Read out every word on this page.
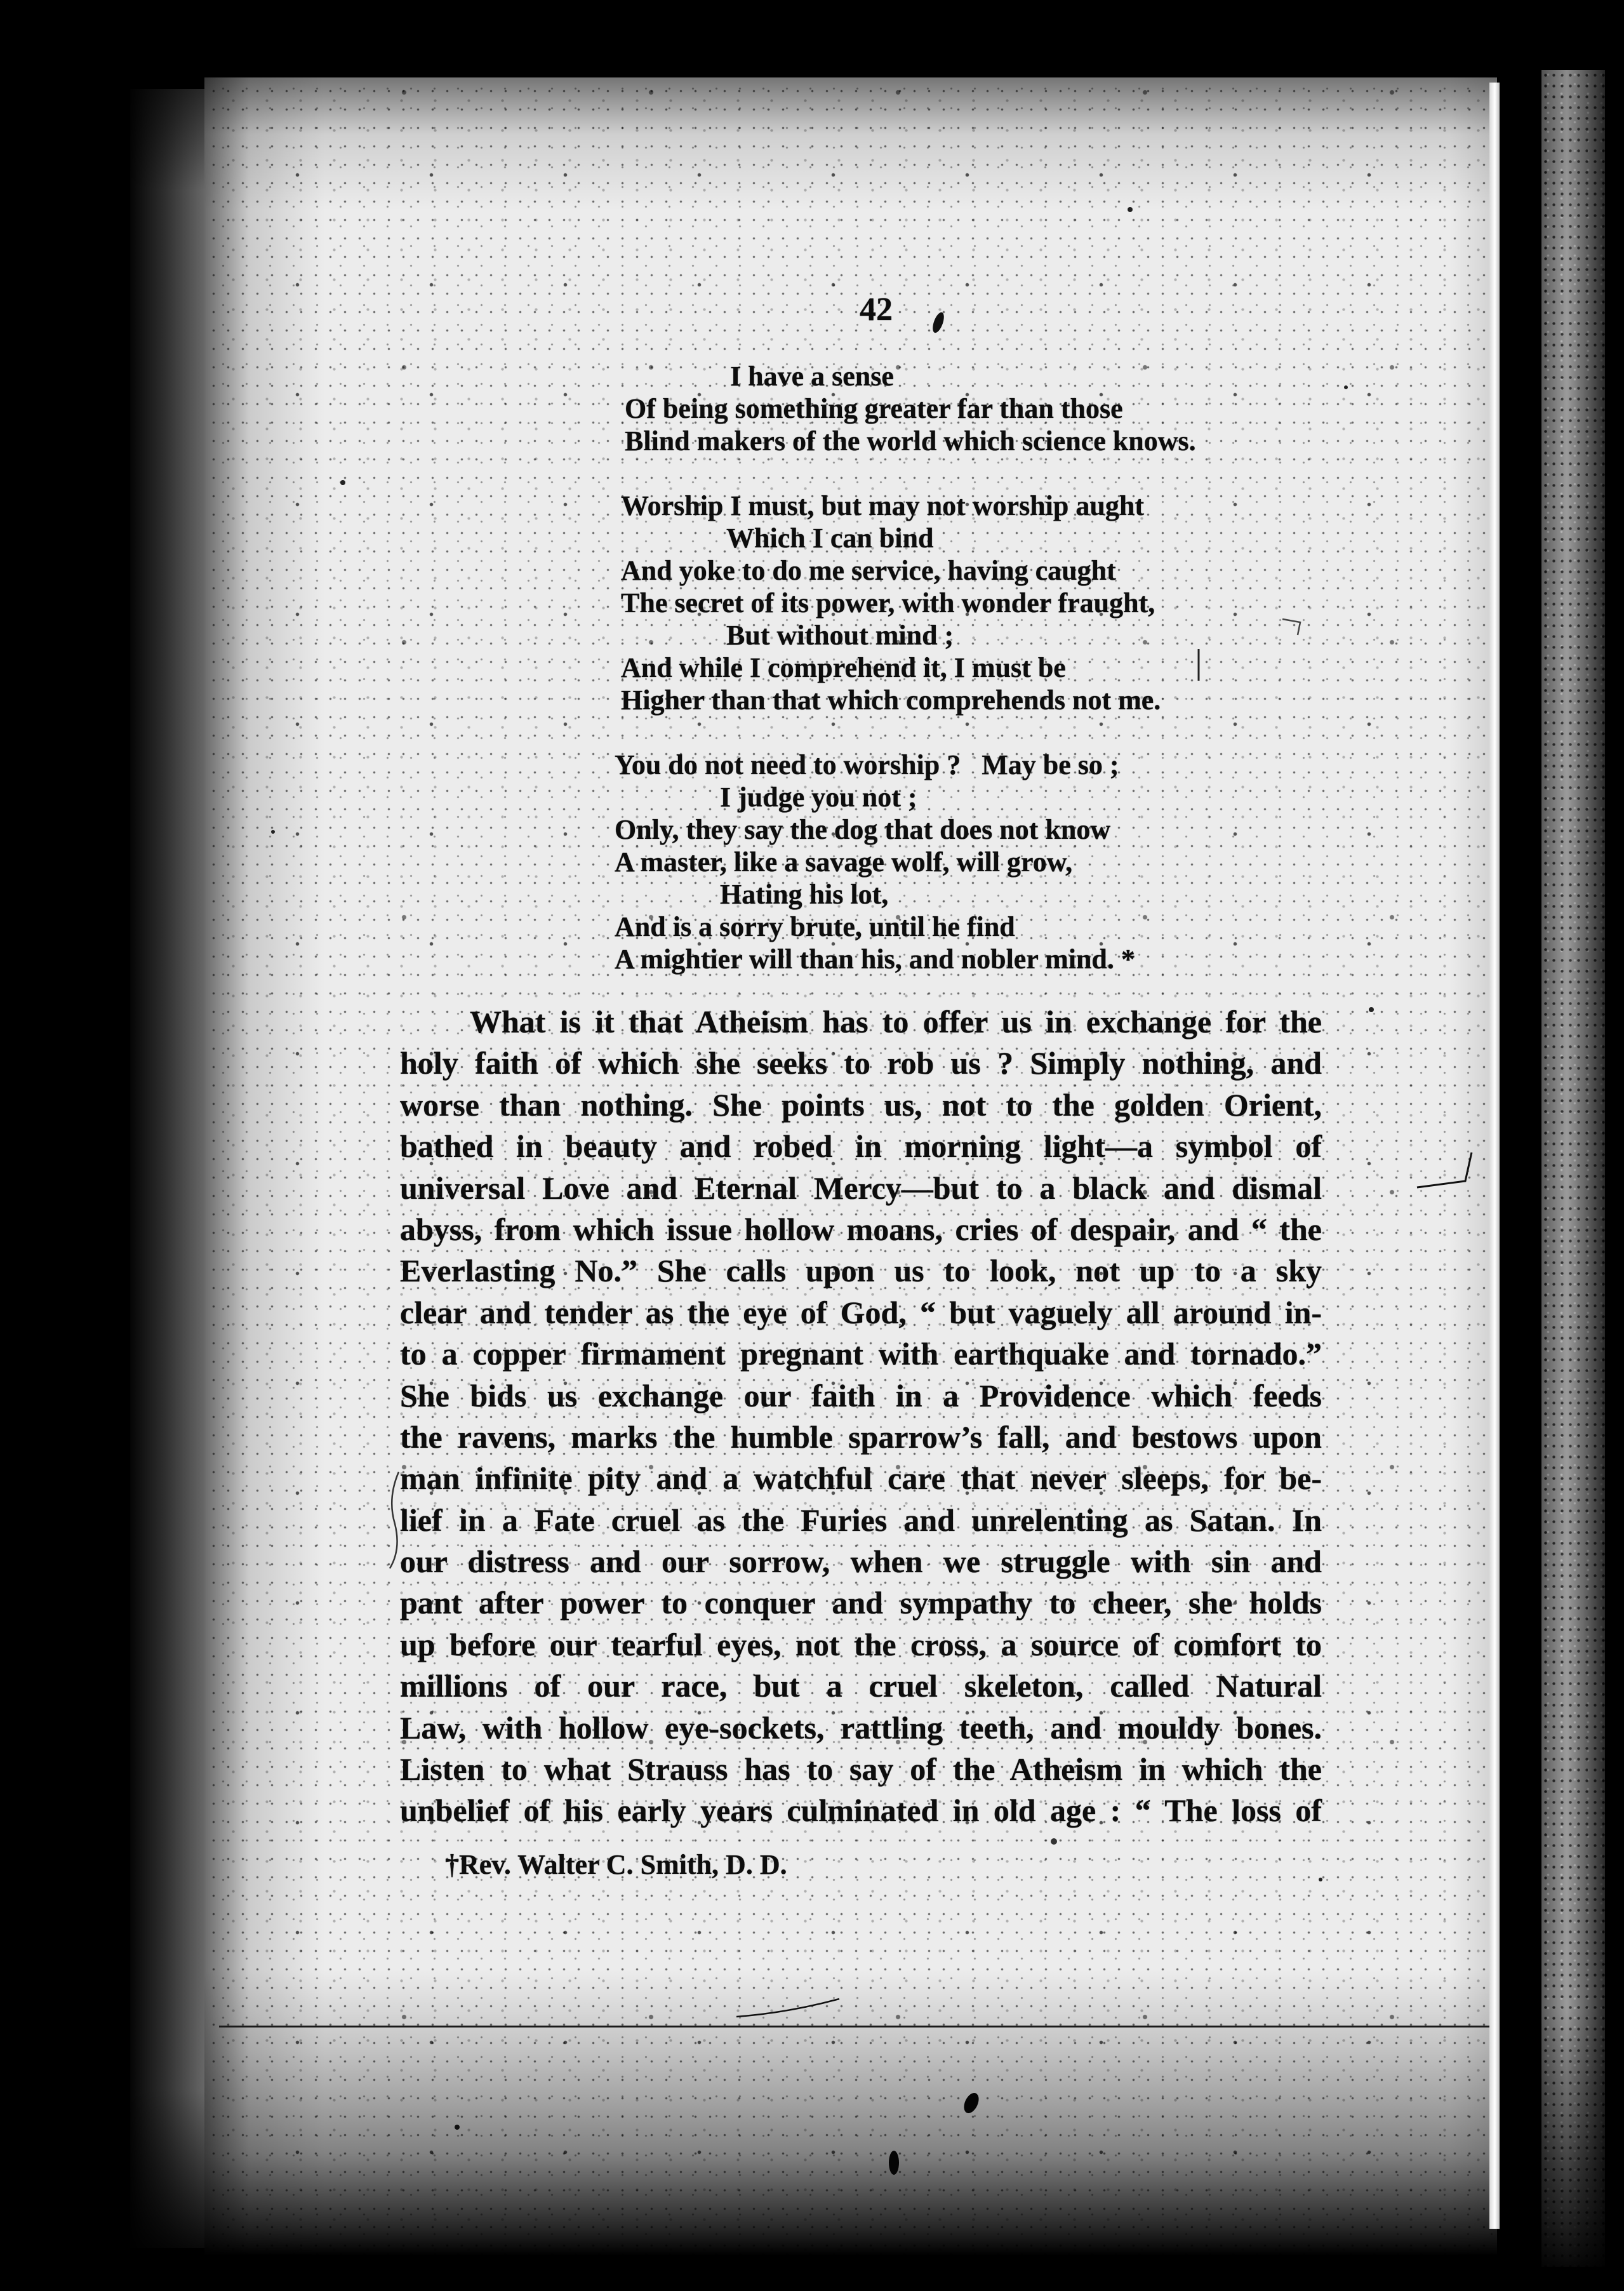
42
I have a sense
Of being something greater far than those
Blind makers of the world which science knows.
Worship I must, but may not worship aught
Which I can bind
And yoke to do me service, having caught
The secret of its power, with wonder fraught,
But without mind ;
And while I comprehend it, I must be
Higher than that which comprehends not me.
You do not need to worship ?   May be so ;
I judge you not ;
Only, they say the dog that does not know
A master, like a savage wolf, will grow,
Hating his lot,
And is a sorry brute, until he find
A mightier will than his, and nobler mind. *
What is it that Atheism has to offer us in exchange for the
holy faith of which she seeks to rob us ? Simply nothing, and
worse than nothing. She points us, not to the golden Orient,
bathed in beauty and robed in morning light—a symbol of
universal Love and Eternal Mercy—but to a black and dismal
abyss, from which issue hollow moans, cries of despair, and “ the
Everlasting No.” She calls upon us to look, not up to a sky
clear and tender as the eye of God, “ but vaguely all around in-
to a copper firmament pregnant with earthquake and tornado.”
She bids us exchange our faith in a Providence which feeds
the ravens, marks the humble sparrow’s fall, and bestows upon
man infinite pity and a watchful care that never sleeps, for be-
lief in a Fate cruel as the Furies and unrelenting as Satan. In
our distress and our sorrow, when we struggle with sin and
pant after power to conquer and sympathy to cheer, she holds
up before our tearful eyes, not the cross, a source of comfort to
millions of our race, but a cruel skeleton, called Natural
Law, with hollow eye-sockets, rattling teeth, and mouldy bones.
Listen to what Strauss has to say of the Atheism in which the
unbelief of his early years culminated in old age : “ The loss of
†Rev. Walter C. Smith, D. D.
